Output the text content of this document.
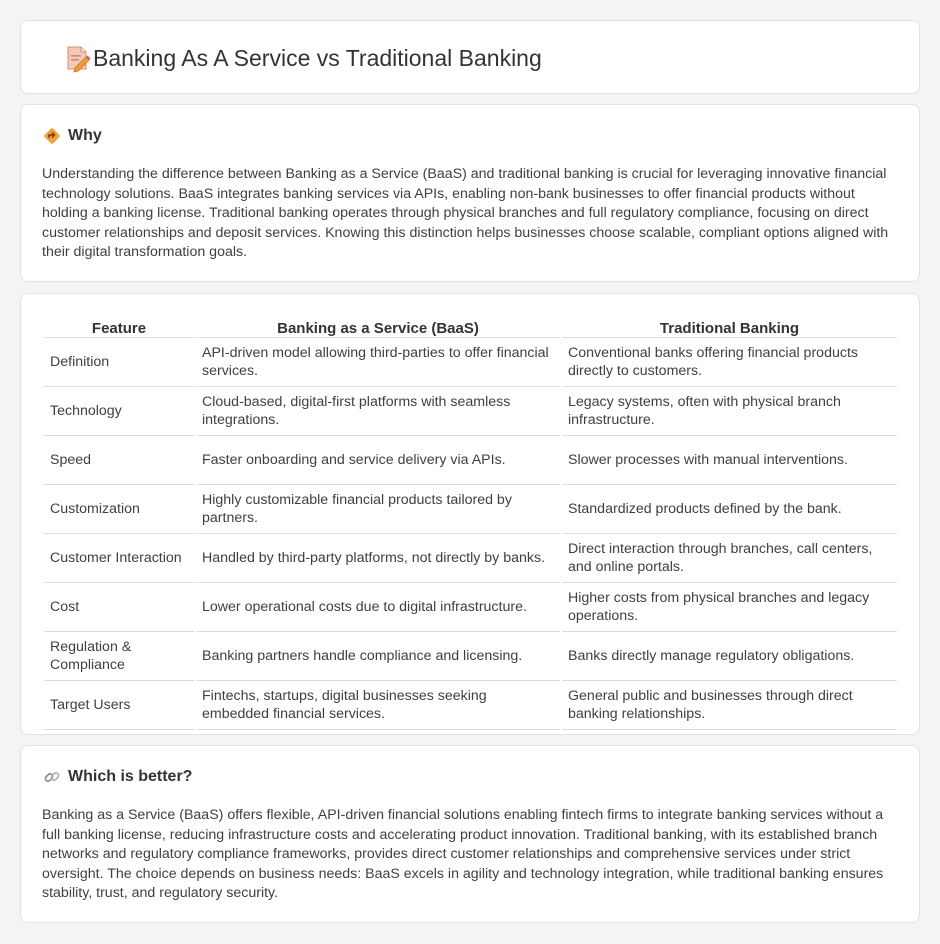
Banking As A Service vs Traditional Banking
Why

Understanding the difference between Banking as a Service (BaaS) and traditional banking is crucial for leveraging innovative financial technology solutions. BaaS integrates banking services via APIs, enabling non-bank businesses to offer financial products without holding a banking license. Traditional banking operates through physical branches and full regulatory compliance, focusing on direct customer relationships and deposit services. Knowing this distinction helps businesses choose scalable, compliant options aligned with their digital transformation goals.

Feature	Banking as a Service (BaaS)	Traditional Banking
Definition	API-driven model allowing third-parties to offer financial services.	Conventional banks offering financial products directly to customers.
Technology	Cloud-based, digital-first platforms with seamless integrations.	Legacy systems, often with physical branch infrastructure.
Speed	Faster onboarding and service delivery via APIs.	Slower processes with manual interventions.
Customization	Highly customizable financial products tailored by partners.	Standardized products defined by the bank.
Customer Interaction	Handled by third-party platforms, not directly by banks.	Direct interaction through branches, call centers, and online portals.
Cost	Lower operational costs due to digital infrastructure.	Higher costs from physical branches and legacy operations.
Regulation & Compliance	Banking partners handle compliance and licensing.	Banks directly manage regulatory obligations.
Target Users	Fintechs, startups, digital businesses seeking embedded financial services.	General public and businesses through direct banking relationships.
Which is better?

Banking as a Service (BaaS) offers flexible, API-driven financial solutions enabling fintech firms to integrate banking services without a full banking license, reducing infrastructure costs and accelerating product innovation. Traditional banking, with its established branch networks and regulatory compliance frameworks, provides direct customer relationships and comprehensive services under strict oversight. The choice depends on business needs: BaaS excels in agility and technology integration, while traditional banking ensures stability, trust, and regulatory security.
